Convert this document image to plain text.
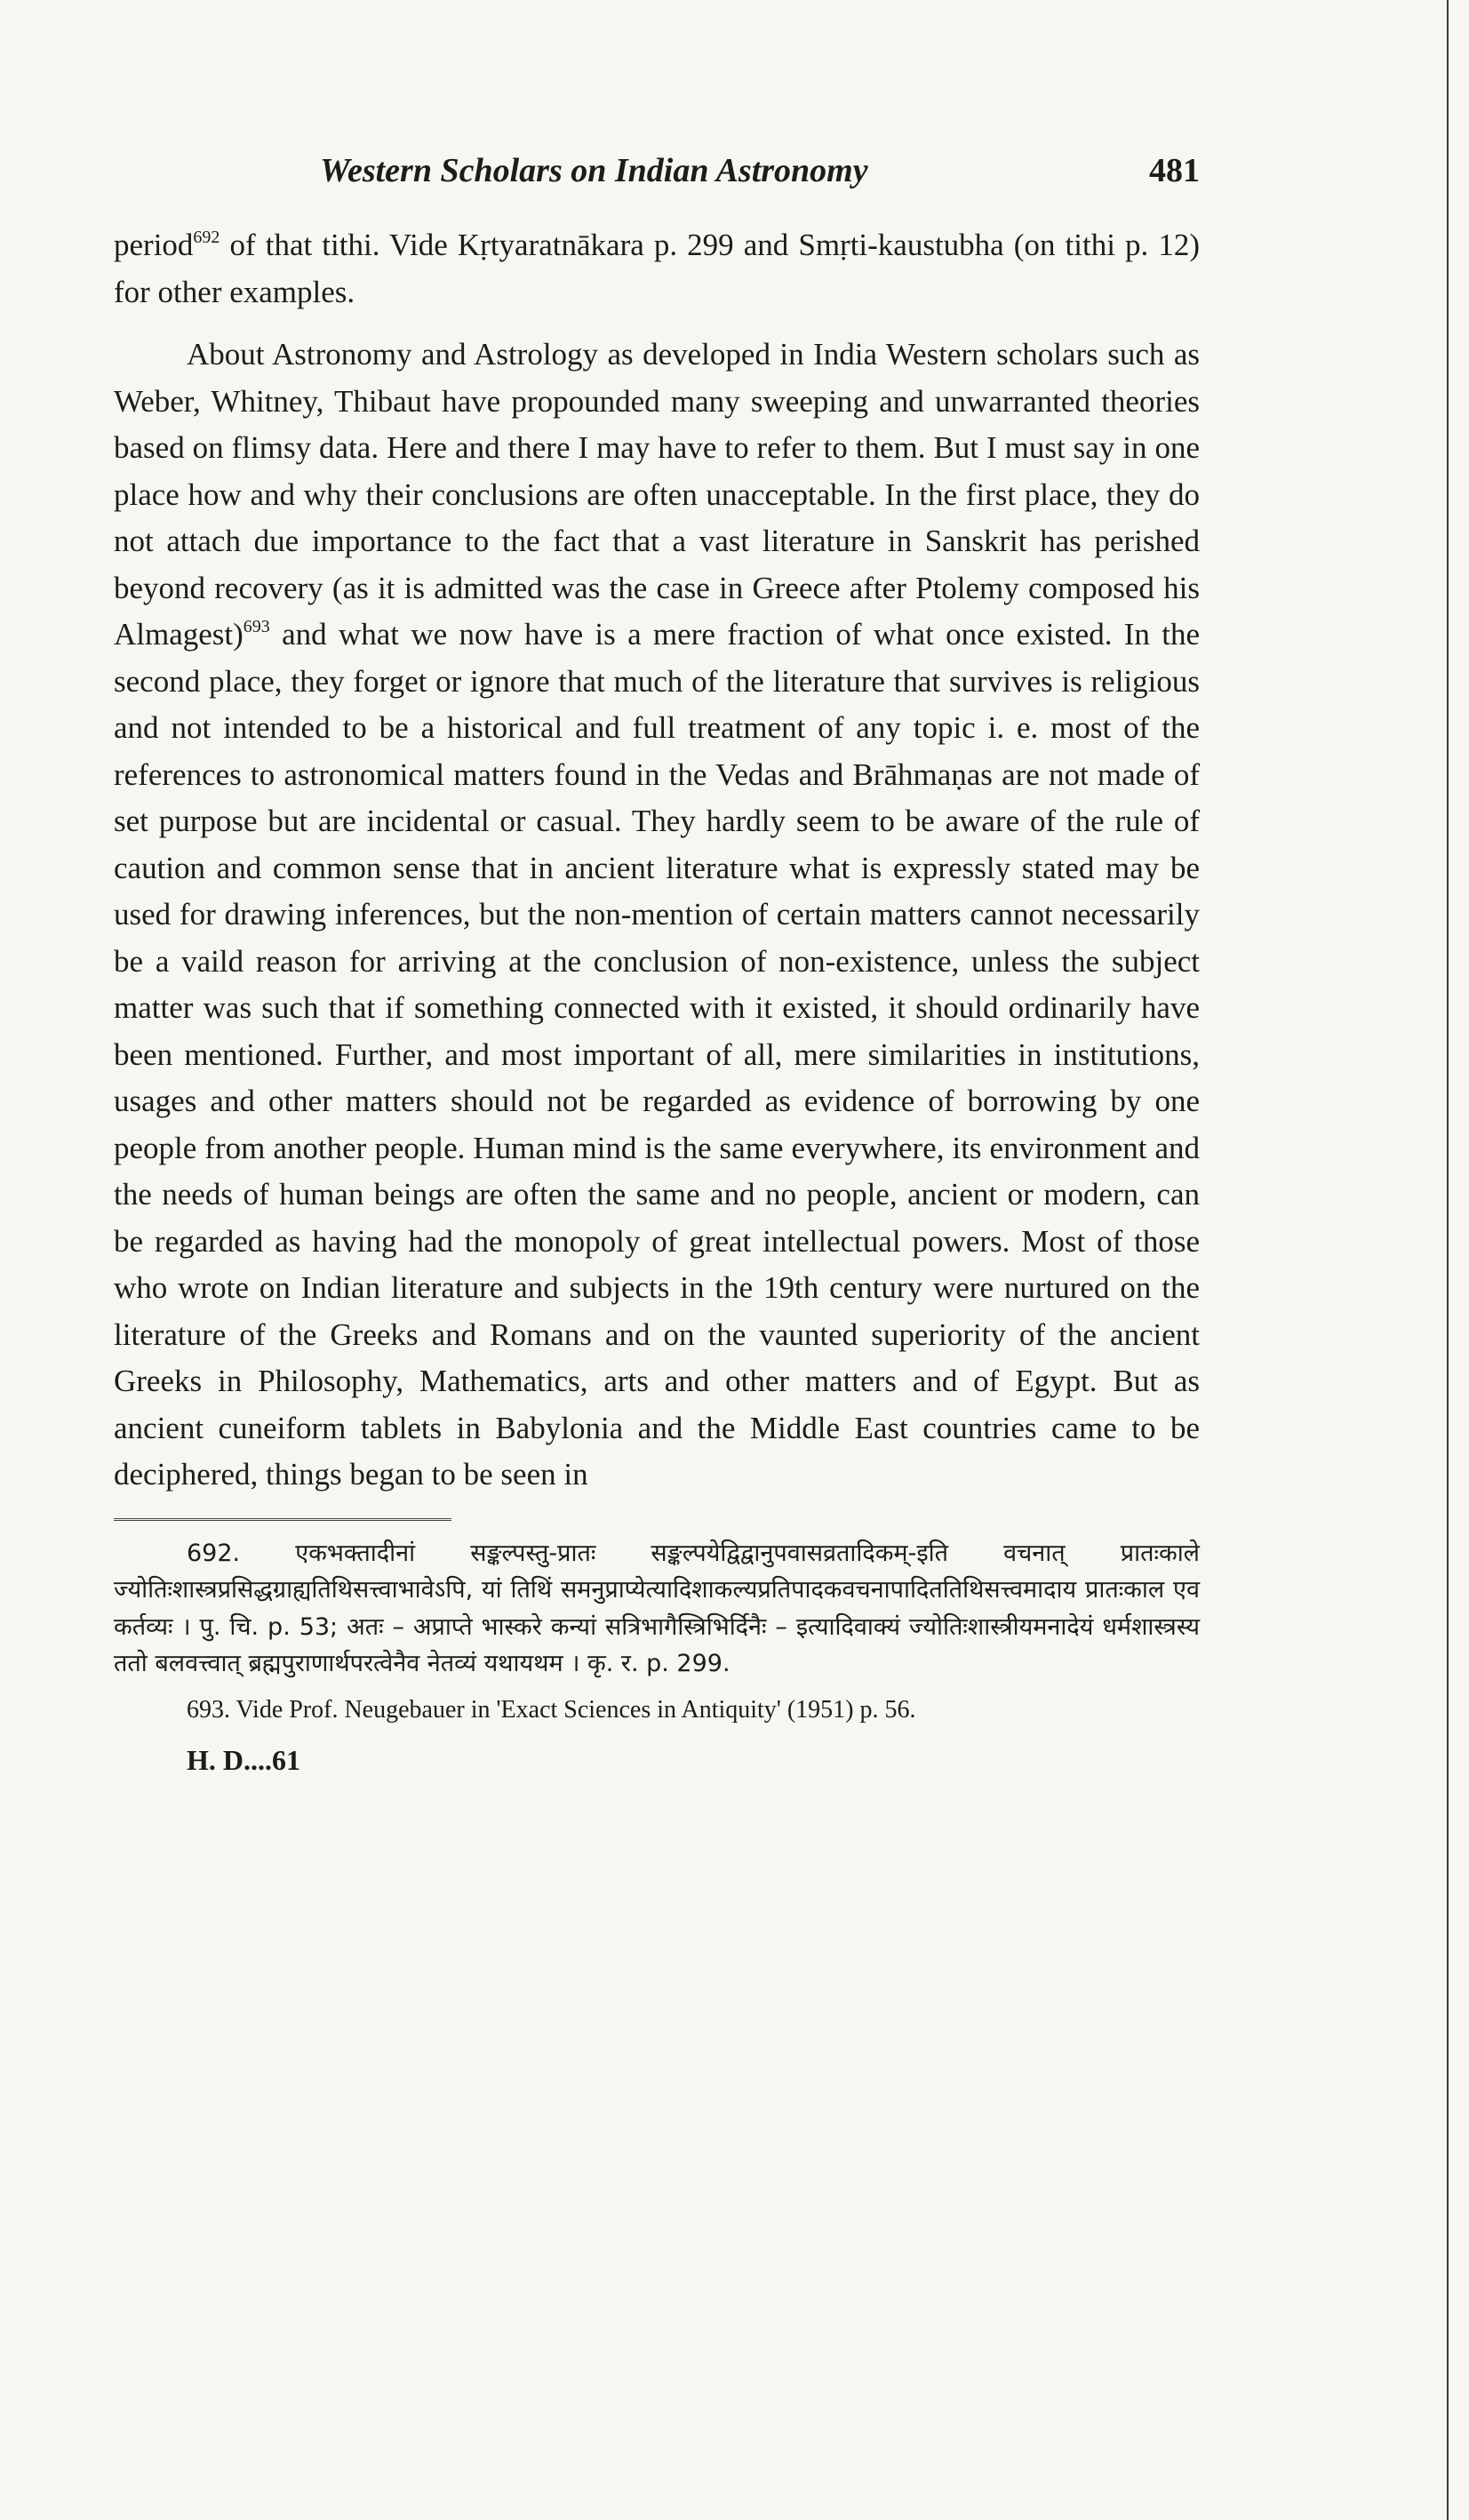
Western Scholars on Indian Astronomy	481

period$^{692}$ of that tithi. Vide Kṛtyaratnākara p. 299 and Smṛti-kaustubha (on tithi p. 12) for other examples.

About Astronomy and Astrology as developed in India Western scholars such as Weber, Whitney, Thibaut have propounded many sweeping and unwarranted theories based on flimsy data. Here and there I may have to refer to them. But I must say in one place how and why their conclusions are often unacceptable. In the first place, they do not attach due importance to the fact that a vast literature in Sanskrit has perished beyond recovery (as it is admitted was the case in Greece after Ptolemy composed his Almagest)$^{693}$ and what we now have is a mere fraction of what once existed. In the second place, they forget or ignore that much of the literature that survives is religious and not intended to be a historical and full treatment of any topic i. e. most of the references to astronomical matters found in the Vedas and Brāhmaṇas are not made of set purpose but are incidental or casual. They hardly seem to be aware of the rule of caution and common sense that in ancient literature what is expressly stated may be used for drawing inferences, but the non-mention of certain matters cannot necessarily be a vaild reason for arriving at the conclusion of non-existence, unless the subject matter was such that if something connected with it existed, it should ordinarily have been mentioned. Further, and most important of all, mere similarities in institutions, usages and other matters should not be regarded as evidence of borrowing by one people from another people. Human mind is the same everywhere, its environment and the needs of human beings are often the same and no people, ancient or modern, can be regarded as having had the monopoly of great intellectual powers. Most of those who wrote on Indian literature and subjects in the 19th century were nurtured on the literature of the Greeks and Romans and on the vaunted superiority of the ancient Greeks in Philosophy, Mathematics, arts and other matters and of Egypt. But as ancient cuneiform tablets in Babylonia and the Middle East countries came to be deciphered, things began to be seen in

692. एकभक्तादीनां सङ्कल्पस्तु-प्रातः सङ्कल्पयेद्विद्वानुपवासव्रतादिकम्-इति वचनात् प्रातःकाले ज्योतिःशास्त्रप्रसिद्धग्राह्यतिथिसत्त्वाभावेऽपि, यां तिथिं समनुप्राप्येत्यादिशाकल्यप्रतिपादकवचनापादिततिथिसत्त्वमादाय प्रातःकाल एव कर्तव्यः । पु. चि. p. 53; अतः – अप्राप्ते भास्करे कन्यां सत्रिभागैस्त्रिभिर्दिनैः – इत्यादिवाक्यं ज्योतिःशास्त्रीयमनादेयं धर्मशास्त्रस्य ततो बलवत्त्वात् ब्रह्मपुराणार्थपरत्वेनैव नेतव्यं यथायथम । कृ. र. p. 299.

693. Vide Prof. Neugebauer in 'Exact Sciences in Antiquity' (1951) p. 56.

H. D....61
